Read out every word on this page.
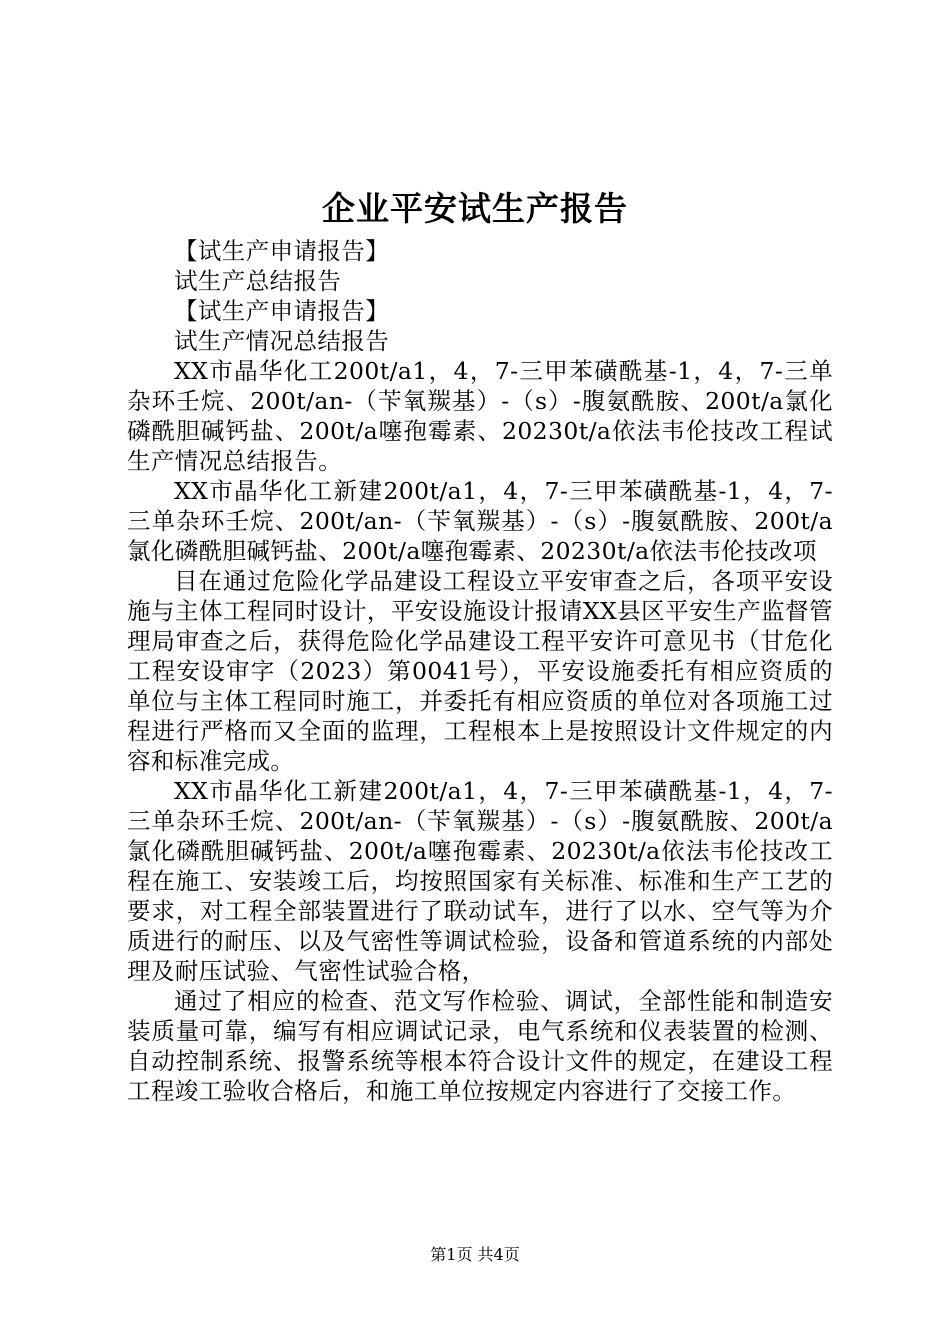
企业平安试生产报告

【试生产申请报告】

试生产总结报告

【试生产申请报告】

试生产情况总结报告

XX市晶华化工200t/a1，4，7-三甲苯磺酰基-1，4，7-三单杂环壬烷、200t/an-（苄氧羰基）-（s）-腹氨酰胺、200t/a氯化磷酰胆碱钙盐、200t/a噻孢霉素、20230t/a依法韦伦技改工程试生产情况总结报告。

XX市晶华化工新建200t/a1，4，7-三甲苯磺酰基-1，4，7-三单杂环壬烷、200t/an-（苄氧羰基）-（s）-腹氨酰胺、200t/a氯化磷酰胆碱钙盐、200t/a噻孢霉素、20230t/a依法韦伦技改项

目在通过危险化学品建设工程设立平安审查之后，各项平安设施与主体工程同时设计，平安设施设计报请XX县区平安生产监督管理局审查之后，获得危险化学品建设工程平安许可意见书（甘危化工程安设审字（2023）第0041号），平安设施委托有相应资质的单位与主体工程同时施工，并委托有相应资质的单位对各项施工过程进行严格而又全面的监理，工程根本上是按照设计文件规定的内容和标准完成。

XX市晶华化工新建200t/a1，4，7-三甲苯磺酰基-1，4，7-三单杂环壬烷、200t/an-（苄氧羰基）-（s）-腹氨酰胺、200t/a氯化磷酰胆碱钙盐、200t/a噻孢霉素、20230t/a依法韦伦技改工程在施工、安装竣工后，均按照国家有关标准、标准和生产工艺的要求，对工程全部装置进行了联动试车，进行了以水、空气等为介质进行的耐压、以及气密性等调试检验，设备和管道系统的内部处理及耐压试验、气密性试验合格，

通过了相应的检查、范文写作检验、调试，全部性能和制造安装质量可靠，编写有相应调试记录，电气系统和仪表装置的检测、自动控制系统、报警系统等根本符合设计文件的规定，在建设工程工程竣工验收合格后，和施工单位按规定内容进行了交接工作。

第1页 共4页
